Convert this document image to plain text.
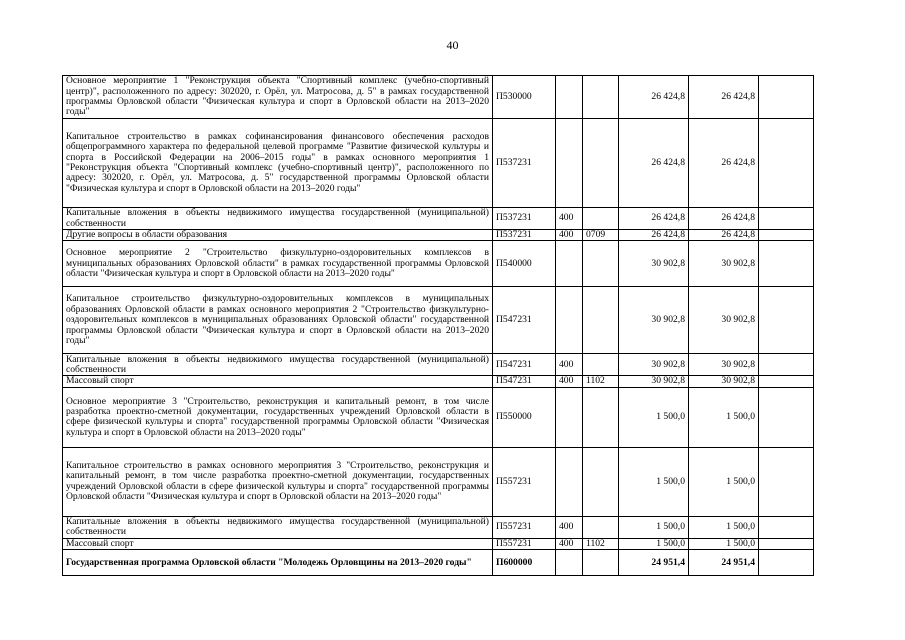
40
Основное мероприятие 1 "Реконструкция объекта "Спортивный комплекс (учебно-спортивный центр)", расположенного по адресу: 302020, г. Орёл, ул. Матросова, д. 5" в рамках государственной программы Орловской области "Физическая культура и спорт в Орловской области на 2013–2020 годы"	П530000			26 424,8	26 424,8	
Капитальное строительство в рамках софинансирования финансового обеспечения расходов общепрограммного характера по федеральной целевой программе "Развитие физической культуры и спорта в Российской Федерации на 2006–2015 годы" в рамках основного мероприятия 1 "Реконструкция объекта "Спортивный комплекс (учебно-спортивный центр)", расположенного по адресу: 302020, г. Орёл, ул. Матросова, д. 5" государственной программы Орловской области "Физическая культура и спорт в Орловской области на 2013–2020 годы"	П537231			26 424,8	26 424,8	
Капитальные вложения в объекты недвижимого имущества государственной (муниципальной) собственности	П537231	400		26 424,8	26 424,8	
Другие вопросы в области образования	П537231	400	0709	26 424,8	26 424,8	
Основное мероприятие 2 "Строительство физкультурно-оздоровительных комплексов в муниципальных образованиях Орловской области" в рамках государственной программы Орловской области "Физическая культура и спорт в Орловской области на 2013–2020 годы"	П540000			30 902,8	30 902,8	
Капитальное строительство физкультурно-оздоровительных комплексов в муниципальных образованиях Орловской области в рамках основного мероприятия 2 "Строительство физкультурно-оздоровительных комплексов в муниципальных образованиях Орловской области" государственной программы Орловской области "Физическая культура и спорт в Орловской области на 2013–2020 годы"	П547231			30 902,8	30 902,8	
Капитальные вложения в объекты недвижимого имущества государственной (муниципальной) собственности	П547231	400		30 902,8	30 902,8	
Массовый спорт	П547231	400	1102	30 902,8	30 902,8	
Основное мероприятие 3 "Строительство, реконструкция и капитальный ремонт, в том числе разработка проектно-сметной документации, государственных учреждений Орловской области в сфере физической культуры и спорта" государственной программы Орловской области "Физическая культура и спорт в Орловской области на 2013–2020 годы"	П550000			1 500,0	1 500,0	
Капитальное строительство в рамках основного мероприятия 3 "Строительство, реконструкция и капитальный ремонт, в том числе разработка проектно-сметной документации, государственных учреждений Орловской области в сфере физической культуры и спорта" государственной программы Орловской области "Физическая культура и спорт в Орловской области на 2013–2020 годы"	П557231			1 500,0	1 500,0	
Капитальные вложения в объекты недвижимого имущества государственной (муниципальной) собственности	П557231	400		1 500,0	1 500,0	
Массовый спорт	П557231	400	1102	1 500,0	1 500,0	
Государственная программа Орловской области "Молодежь Орловщины на 2013–2020 годы"	П600000			24 951,4	24 951,4	
